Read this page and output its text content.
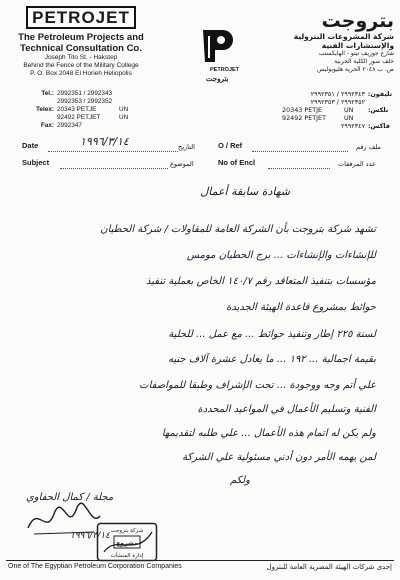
PETROJET
The Petroleum Projects and
Technical Consultation Co.
Joseph Tito St. - Hakstep
Behind the Fence of the Military College
P. O. Box 2048 El Horieh Heliopolis
Tel.: 2992351 / 2992343
2992353 / 2992352
Telex: 20343 PETJE	UN
92492 PETJET	UN
Fax: 2992347
PETROJET
بتروجت
بتروجت
شركة المشروعات البترولية
والإستشارات الفنية
شارع جوزيف تيتو - الهايكستب
خلف سور الكلية الحربية
ص. ب ٢٠٤٨ الحرية هليوبوليس
تليفون:
٢٩٩٢٣٤٣ / ٢٩٩٢٣٥١
٢٩٩٢٣٥٢ / ٢٩٩٢٣٥٣
تلكس:
20343 PETJE	UN
92492 PETJET	UN
فاكس:
٢٩٩٢٣٤٧
Date	١٩٩٦/٣/١٤	التاريخ	O / Ref	ملف رقم
Subject	الموضوع	No of Encl	عدد المرفقات
شهادة سابقة أعمال
تشهد شركة بتروجت بأن الشركة العامة للمقاولات / شركة الحطيان
للإنشاءات والإنشاءات ... برج الحطيان مومس
مؤسسات بتنفيذ المتعاقد رقم ١٤٠/٧ الخاص بعملية تنفيذ
حوائط بمشروع قاعدة الهيئة الجديدة
لسنة ٢٢٥ إطار وتنفيذ حوائط ... مع عمل ... للحلية
بقيمة اجمالية ... ١٩٢ ... ما يعادل عشرة آلاف جنيه
علي أتم وجه ووجودة ... تحت الإشراف وطبقا للمواصفات
الفنية وتسليم الأعمال في المواعيد المحددة
ولم يكن له اتمام هذه الأعمال ... علي طلبه لتقديمها
لمن يهمه الأمر دون أدني مسئولية علي الشركة
ولكم
مجلة / كمال الحفاوي
١٩٩٦/٣/١٤ شركة بتروجت
مشروع
إدارة المنشآت
One of The Egyptian Petroleum Corporation Companies	إحدى شركات الهيئة المصرية العامة للبترول
